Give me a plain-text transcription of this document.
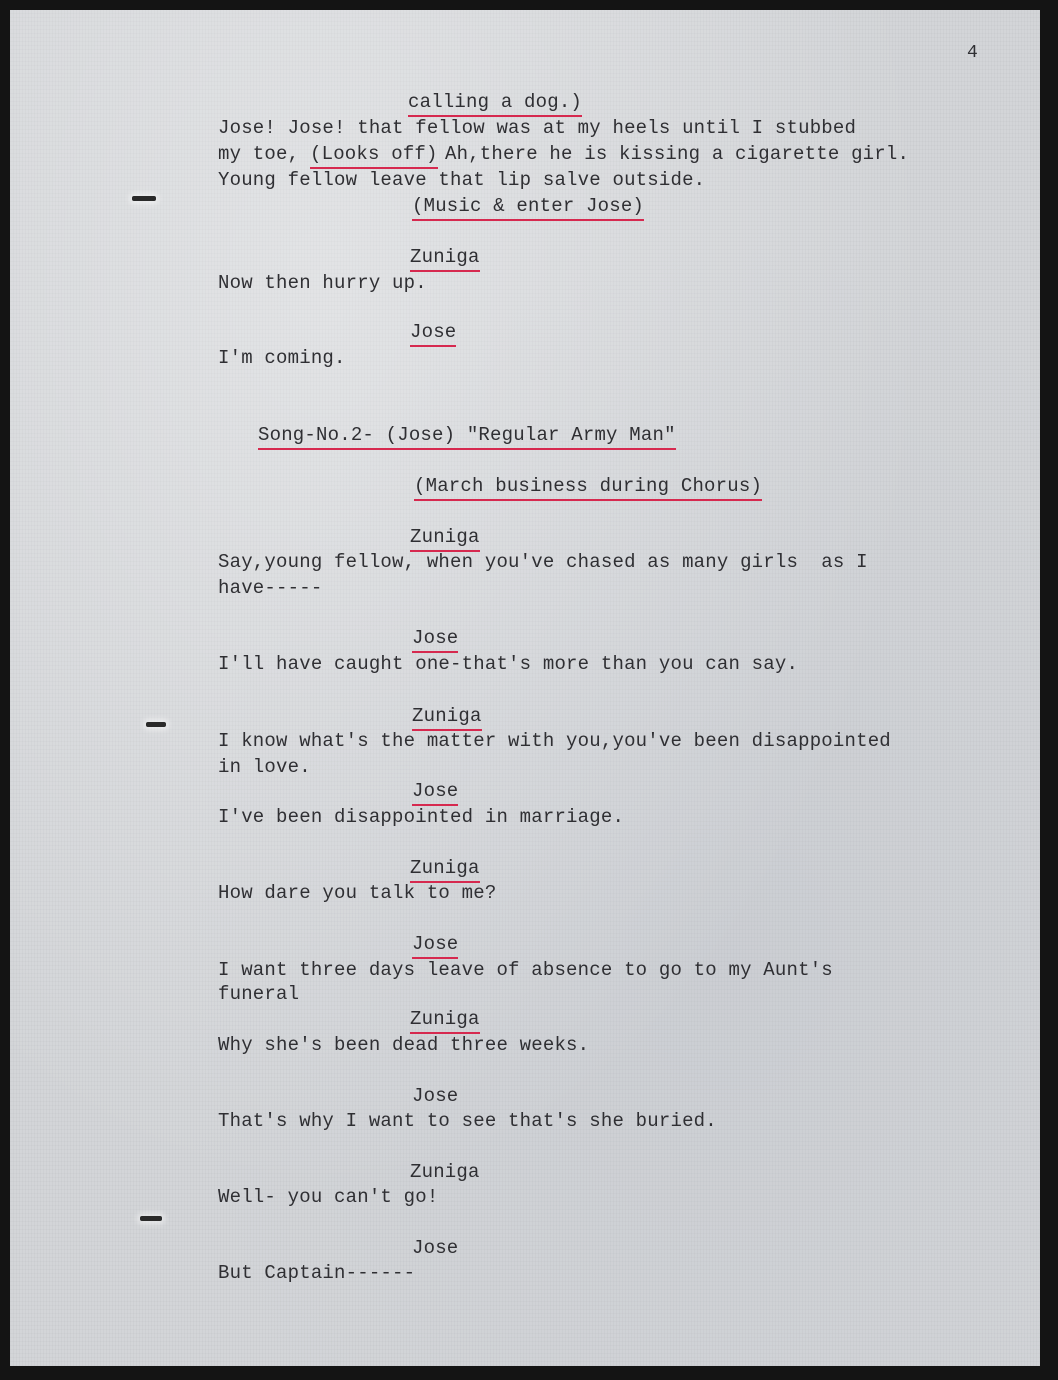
4

calling a dog.)

Jose! Jose! that fellow was at my heels until I stubbed

my toe, (Looks off) Ah,there he is kissing a cigarette girl.

Young fellow leave that lip salve outside.

(Music & enter Jose)

Zuniga

Now then hurry up.

Jose

I'm coming.

Song-No.2- (Jose) "Regular Army Man"

(March business during Chorus)

Zuniga

Say,young fellow, when you've chased as many girls  as I

have-----

Jose

I'll have caught one-that's more than you can say.

Zuniga

I know what's the matter with you,you've been disappointed

in love.

Jose

I've been disappointed in marriage.

Zuniga

How dare you talk to me?

Jose

I want three days leave of absence to go to my Aunt's

funeral

Zuniga

Why she's been dead three weeks.

Jose

That's why I want to see that's she buried.

Zuniga

Well- you can't go!

Jose

But Captain------
